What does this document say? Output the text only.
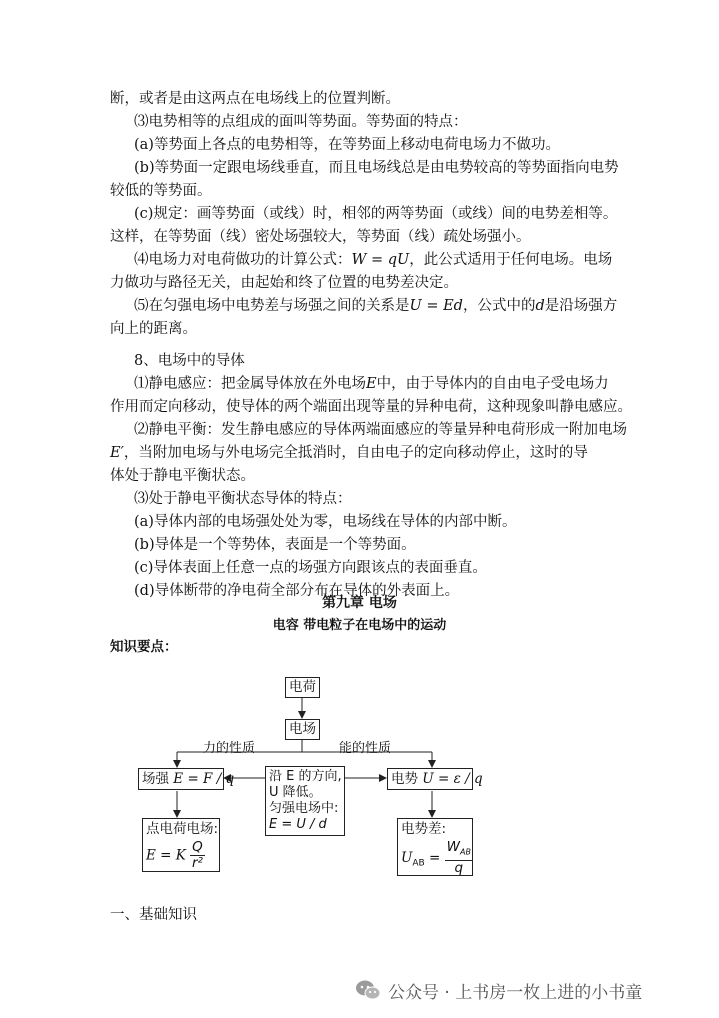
断，或者是由这两点在电场线上的位置判断。
⑶电势相等的点组成的面叫等势面。等势面的特点：
(a)等势面上各点的电势相等，在等势面上移动电荷电场力不做功。
(b)等势面一定跟电场线垂直，而且电场线总是由电势较高的等势面指向电势
较低的等势面。
(c)规定：画等势面（或线）时，相邻的两等势面（或线）间的电势差相等。
这样，在等势面（线）密处场强较大，等势面（线）疏处场强小。
⑷电场力对电荷做功的计算公式：W = qU，此公式适用于任何电场。电场
力做功与路径无关，由起始和终了位置的电势差决定。
⑸在匀强电场中电势差与场强之间的关系是U = Ed，公式中的d是沿场强方
向上的距离。
8、电场中的导体
⑴静电感应：把金属导体放在外电场E中，由于导体内的自由电子受电场力
作用而定向移动，使导体的两个端面出现等量的异种电荷，这种现象叫静电感应。
⑵静电平衡：发生静电感应的导体两端面感应的等量异种电荷形成一附加电场
E′，当附加电场与外电场完全抵消时，自由电子的定向移动停止，这时的导
体处于静电平衡状态。
⑶处于静电平衡状态导体的特点：
(a)导体内部的电场强处处为零，电场线在导体的内部中断。
(b)导体是一个等势体，表面是一个等势面。
(c)导体表面上任意一点的场强方向跟该点的表面垂直。
(d)导体断带的净电荷全部分布在导体的外表面上。
第九章 电场
电容 带电粒子在电场中的运动
知识要点：
电荷
电场
力的性质	能的性质
场强 E = F / q	沿 E 的方向,
U 降低。
匀强电场中:
E = U / d
电势 U = ε / q
点电荷电场:
E = K $\frac{Q}{\text{r²}}$
电势差:
$U_{AB} = \frac{W_{AB}}{q}$
一、基础知识
公众号 · 上书房一枚上进的小书童
